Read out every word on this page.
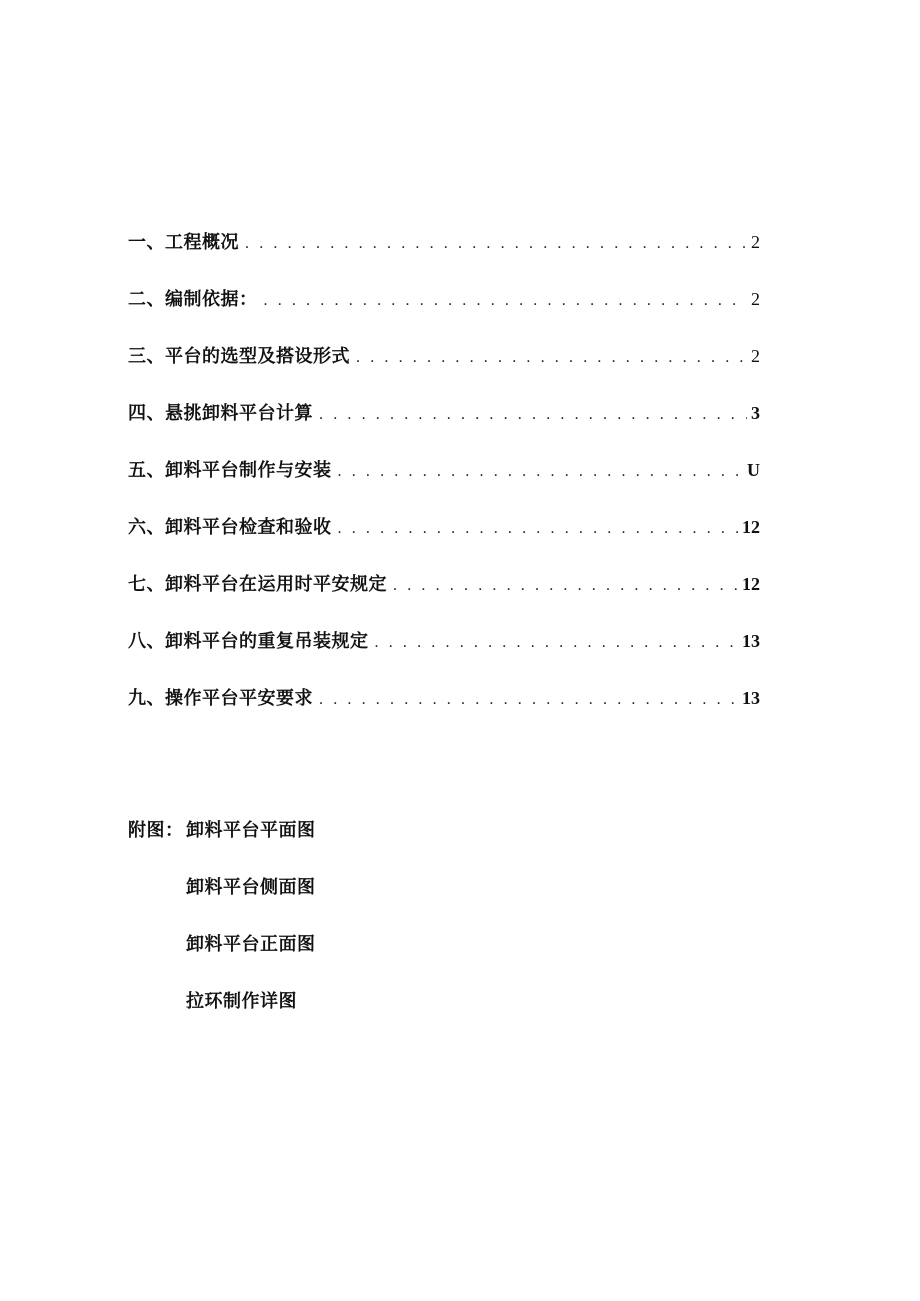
一、工程概况 . . .	2
二、编制依据： . . .	2
三、平台的选型及搭设形式 . . .	2
四、悬挑卸料平台计算 . . .	3
五、卸料平台制作与安装 . . .	U
六、卸料平台检查和验收 . . .	12
七、卸料平台在运用时平安规定 . . .	12
八、卸料平台的重复吊装规定 . . .	13
九、操作平台平安要求 . . .	13
附图： 卸料平台平面图
卸料平台侧面图
卸料平台正面图
拉环制作详图
